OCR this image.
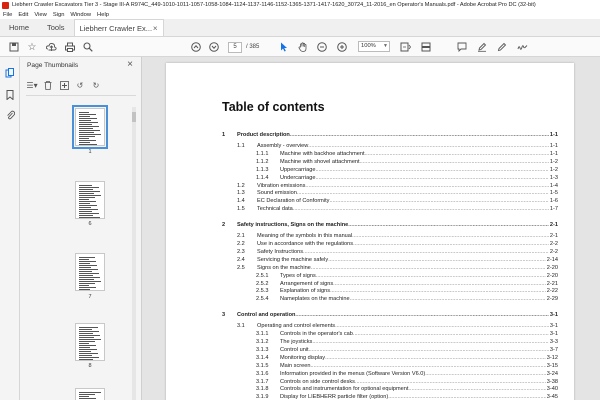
Liebherr Crawler Excavators Tier 3 - Stage III-A R974C_449-1010-1011-1057-1058-1084-1124-1137-1146-1152-1365-1371-1417-1620_30724_11-2016_en Operator's Manuals.pdf - Adobe Acrobat Pro DC (32-bit)
File Edit View Sign Window Help
Home	Tools	Liebherr Crawler Ex... ×
☆	5	/ 385	100% ▼
Page Thumbnails	×
☰▾	↺	↻
1
6
7
8
Table of contents
1	Product description .....	1-1
1.1	Assembly - overview .....	1-1
1.1.1	Machine with backhoe attachment .....	1-1
1.1.2	Machine with shovel attachment .....	1-2
1.1.3	Uppercarriage .....	1-2
1.1.4	Undercarriage .....	1-3
1.2	Vibration emissions .....	1-4
1.3	Sound emission .....	1-5
1.4	EC Declaration of Conformity .....	1-6
1.5	Technical data .....	1-7
2	Safety instructions, Signs on the machine .....	2-1
2.1	Meaning of the symbols in this manual .....	2-1
2.2	Use in accordance with the regulations .....	2-2
2.3	Safety Instructions .....	2-2
2.4	Servicing the machine safely .....	2-14
2.5	Signs on the machine .....	2-20
2.5.1	Types of signs .....	2-20
2.5.2	Arrangement of signs .....	2-21
2.5.3	Explanation of signs .....	2-22
2.5.4	Nameplates on the machine .....	2-29
3	Control and operation .....	3-1
3.1	Operating and control elements .....	3-1
3.1.1	Controls in the operator's cab .....	3-1
3.1.2	The joysticks .....	3-3
3.1.3	Control unit .....	3-7
3.1.4	Monitoring display .....	3-12
3.1.5	Main screen .....	3-15
3.1.6	Information provided in the menus (Software Version V6.0) .....	3-24
3.1.7	Controls on side control desks .....	3-38
3.1.8	Controls and instrumentation for optional equipment .....	3-40
3.1.9	Display for LIEBHERR particle filter (option) .....	3-45
